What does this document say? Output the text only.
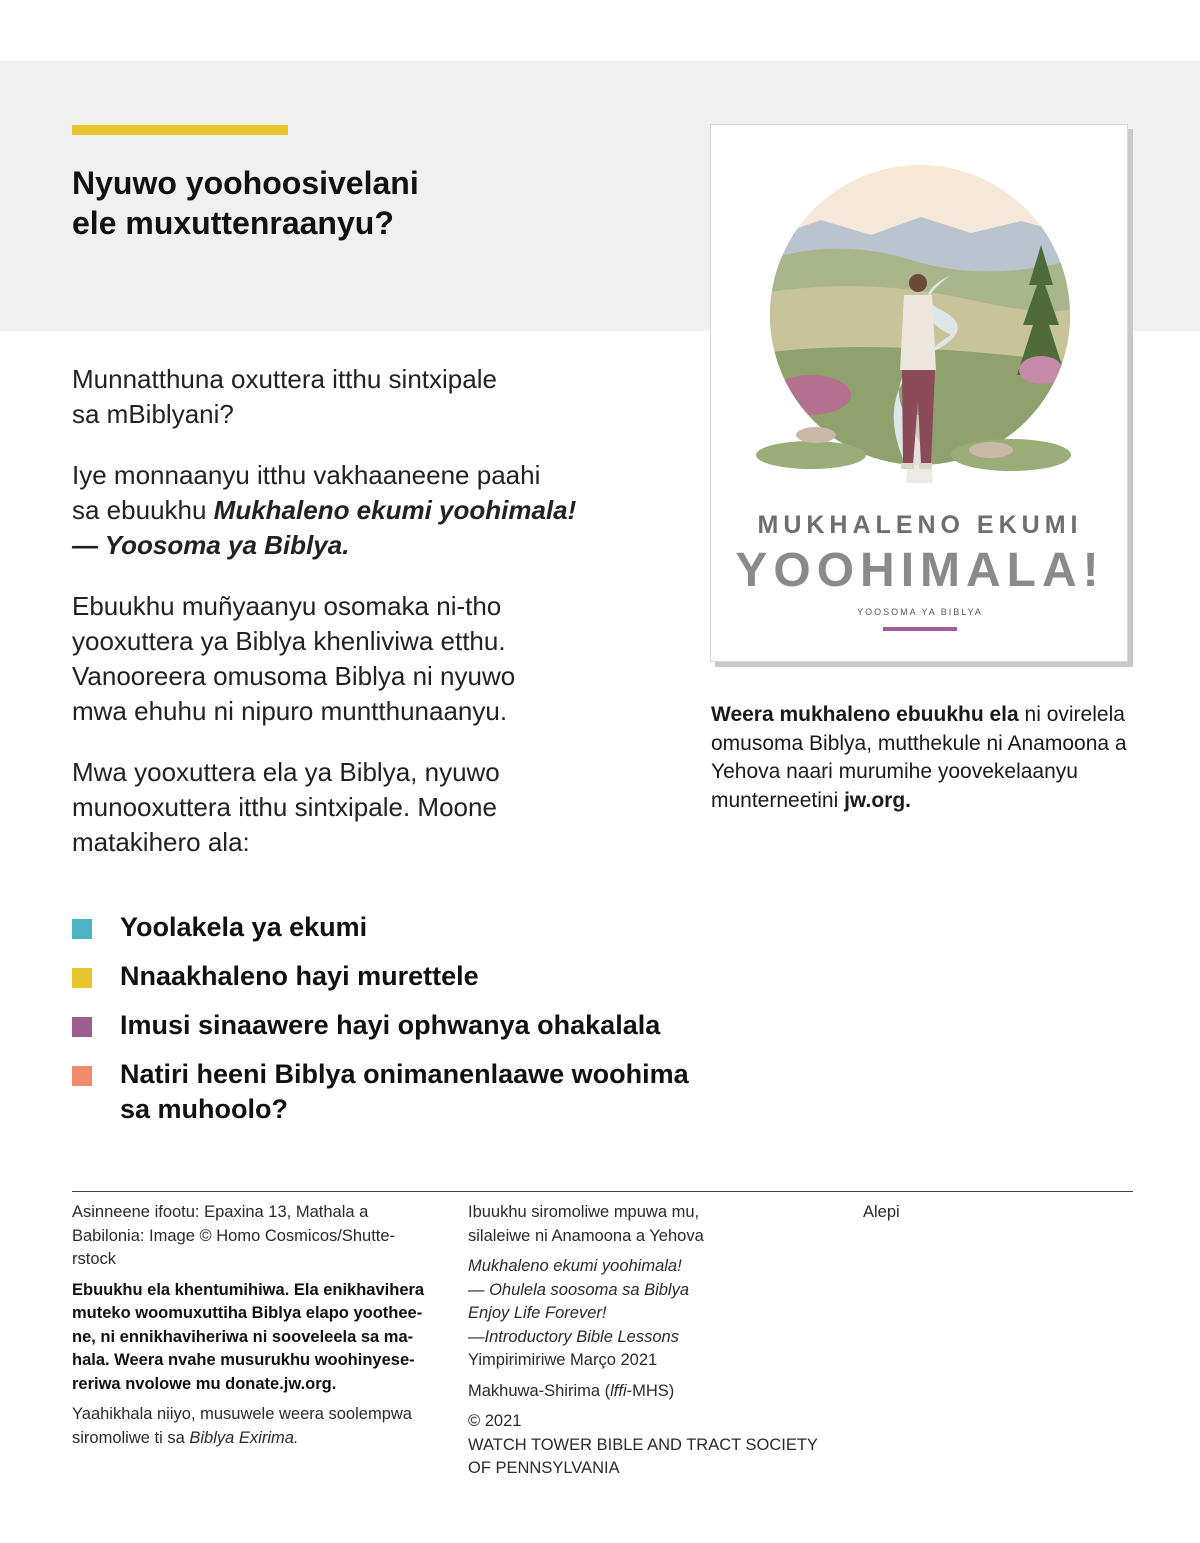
Nyuwo yoohoosivelani
ele muxuttenraanyu?

Munnatthuna oxuttera itthu sintxipale
sa mBiblyani?

Iye monnaanyu itthu vakhaaneene paahi
sa ebuukhu Mukhaleno ekumi yoohimala!
— Yoosoma ya Biblya.

Ebuukhu muñyaanyu osomaka ni-tho
yooxuttera ya Biblya khenliviwa etthu.
Vanooreera omusoma Biblya ni nyuwo
mwa ehuhu ni nipuro muntthunaanyu.

Mwa yooxuttera ela ya Biblya, nyuwo
munooxuttera itthu sintxipale. Moone
matakihero ala:

Yoolakela ya ekumi
Nnaakhaleno hayi murettele
Imusi sinaawere hayi ophwanya ohakalala
Natiri heeni Biblya onimanenlaawe woohima
sa muhoolo?
MUKHALENO EKUMI
YOOHIMALA!
YOOSOMA YA BIBLYA
Weera mukhaleno ebuukhu ela ni ovirelela omusoma Biblya, mutthekule ni Anamoona a Yehova naari murumihe yoovekelaanyu munterneetini jw.org.

Asinneene ifootu: Epaxina 13, Mathala a
Babilonia: Image © Homo Cosmicos/Shutte-
rstock

Ebuukhu ela khentumihiwa. Ela enikhavihera
muteko woomuxuttiha Biblya elapo yoothee-
ne, ni ennikhaviheriwa ni sooveleela sa ma-
hala. Weera nvahe musurukhu woohinyese-
reriwa nvolowe mu donate.jw.org.

Yaahikhala niiyo, musuwele weera soolempwa
siromoliwe ti sa Biblya Exirima.

Ibuukhu siromoliwe mpuwa mu,
silaleiwe ni Anamoona a Yehova

Mukhaleno ekumi yoohimala!
— Ohulela soosoma sa Biblya
Enjoy Life Forever!
—Introductory Bible Lessons
Yimpirimiriwe Março 2021

Makhuwa-Shirima (lffi-MHS)

© 2021
WATCH TOWER BIBLE AND TRACT SOCIETY
OF PENNSYLVANIA

Alepi
